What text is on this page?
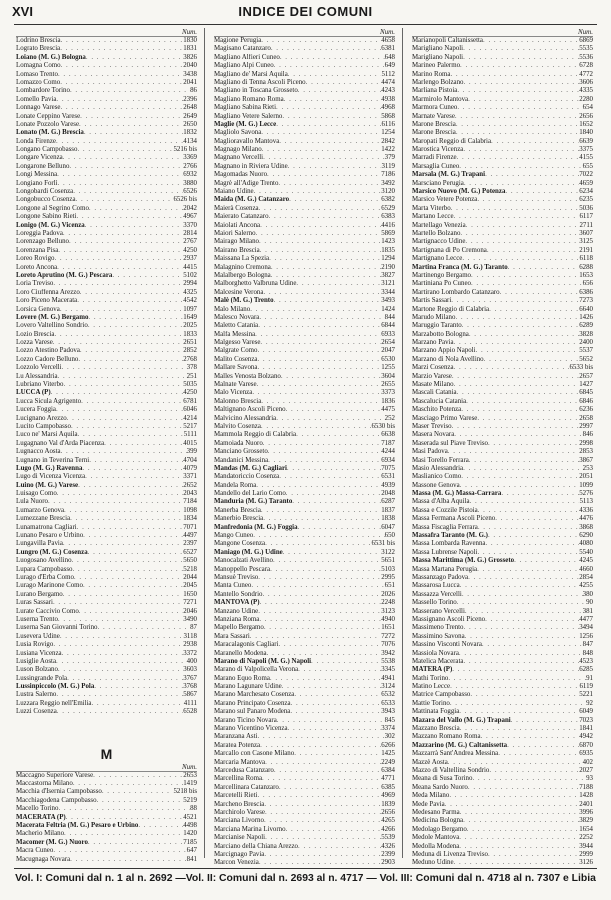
XVI	INDICE DEI COMUNI
Num.
Lodrino Brescia . . .	1830
Lograto Brescia . . .	1831
Loiano (M. G.) Bologna . . .	3826
Lomagna Como . . .	2040
Lomaso Trento . . .	3438
Lomazzo Como . . .	2041
Lombardore Torino . . .	86
Lomello Pavia . . .	2396
Lonnago Varese . . .	2648
Lonate Ceppino Varese . . .	2649
Lonate Pozzolo Varese . . .	2650
Lonato (M. G.) Brescia . . .	1832
Londa Firenze . . .	4134
Longano Campobasso . . .	5216 bis
Longare Vicenza . . .	3369
Longarone Belluno . . .	2766
Longi Messina . . .	6932
Longiano Forlì . . .	3880
Longobardi Cosenza . . .	6526
Longobucco Cosenza . . .	6526 bis
Longone al Segrino Como . . .	2042
Longone Sabino Rieti . . .	4967
Lonigo (M. G.) Vicenza . . .	3370
Loreggia Padova . . .	2814
Lorenzago Belluno . . .	2767
Lorenzana Pisa . . .	4250
Loreo Rovigo . . .	2937
Loreto Ancona . . .	4415
Loreto Aprutino (M. G.) Pescara . . .	5102
Loria Treviso . . .	2994
Loro Ciuffenna Arezzo . . .	4325
Loro Piceno Macerata . . .	4542
Lorsica Genova . . .	1097
Lovere (M. G.) Bergamo . . .	1649
Lovero Valtellino Sondrio . . .	2025
Lozio Brescia . . .	1833
Lozza Varese . . .	2651
Lozzo Atestino Padova . . .	2852
Lozzo Cadore Belluno . . .	2768
Lozzolo Vercelli . . .	378
Lu Alessandria . . .	251
Lubriano Viterbo . . .	5035
LUCCA (P) . . .	4250
Lucca Sicula Agrigento . . .	6781
Lucera Foggia . . .	6046
Lucignano Arezzo . . .	4214
Lucito Campobasso . . .	5217
Luco ne' Marsi Aquila . . .	5111
Lugagnano Val d'Arda Piacenza . . .	4015
Lugnacco Aosta . . .	399
Lugnano in Teverina Terni . . .	4704
Lugo (M. G.) Ravenna . . .	4079
Lugo di Vicenza Vicenza . . .	3371
Luino (M. G.) Varese . . .	2652
Luisago Como . . .	2043
Lula Nuoro . . .	7184
Lumarzo Genova . . .	1098
Lumezzane Brescia . . .	1834
Lunamatrona Cagliari . . .	7071
Lunano Pesaro e Urbino . . .	4497
Lungavilla Pavia . . .	2397
Lungro (M. G.) Cosenza . . .	6527
Luogosano Avellino . . .	5650
Lupara Campobasso . . .	5218
Lurago d'Erba Como . . .	2044
Lurago Marinone Como . . .	2045
Lurano Bergamo . . .	1650
Luras Sassari . . .	7271
Lurate Caccivio Como . . .	2046
Luserna Trento . . .	3490
Luserna San Giovanni Torino . . .	87
Lusevera Udine . . .	3118
Lusia Rovigo . . .	2938
Lusiana Vicenza . . .	3372
Lusiglie Aosta . . .	400
Luson Bolzano . . .	3603
Lussingrande Pola . . .	3767
Lussinpiccolo (M. G.) Pola . . .	3768
Lustra Salerno . . .	5867
Luzzara Reggio nell'Emilia . . .	4111
Luzzi Cosenza . . .	6528
M
Num.
Maccagno Superiore Varese . . .	2653
Maccastorna Milano . . .	1419
Macchia d'Isernia Campobasso . . .	5218 bis
Macchiagodena Campobasso . . .	5219
Macello Torino . . .	88
MACERATA (P) . . .	4521
Macerata Feltria (M. G.) Pesaro e Urbino . . .	4498
Macherio Milano . . .	1420
Macomer (M. G.) Nuoro . . .	7185
Macra Cuneo . . .	647
Macugnaga Novara . . .	841
. . .
Num.
Magione Perugia . . .	4658
Magisano Catanzaro . . .	6381
Magliano Alfieri Cuneo . . .	648
Magliano Alpi Cuneo . . .	649
Magliano de' Marsi Aquila . . .	5112
Magliano di Tenna Ascoli Piceno . . .	4474
Magliano in Toscana Grosseto . . .	4243
Magliano Romano Roma . . .	4938
Magliano Sabina Rieti . . .	4968
Magliano Vetere Salerno . . .	5868
Maglie (M. G.) Lecce . . .	6116
Magliolo Savona . . .	1254
Maglioravallo Mantova . . .	2842
Magnago Milano . . .	1422
Magnano Vercelli . . .	379
Magnano in Riviera Udine . . .	3119
Magomadas Nuoro . . .	7186
Magrè all'Adige Trento . . .	3492
Maiano Udine . . .	3120
Maida (M. G.) Catanzaro . . .	6382
Maierà Cosenza . . .	6529
Maierato Catanzaro . . .	6383
Maiolati Ancona . . .	4416
Maiori Salerno . . .	5869
Mairago Milano . . .	1423
Mairano Brescia . . .	1835
Maissana La Spezia . . .	1294
Malagnino Cremona . . .	2190
Malalbergo Bologna . . .	3827
Malborghetto Valbruna Udine . . .	3121
Malcesine Verona . . .	3344
Malè (M. G.) Trento . . .	3493
Malo Milano . . .	1424
Malesco Novara . . .	844
Maletto Catania . . .	6844
Malfa Messina . . .	6933
Malgesso Varese . . .	2654
Malgrate Como . . .	2047
Malito Cosenza . . .	6530
Mallare Savona . . .	1255
Malles Venosta Bolzano . . .	3604
Malnate Varese . . .	2655
Malo Vicenza . . .	3373
Malonno Brescia . . .	1836
Maltignano Ascoli Piceno . . .	4475
Malvicino Alessandria . . .	252
Malvito Cosenza . . .	6530 bis
Mammola Reggio di Calabria . . .	6638
Mamoiada Nuoro . . .	7187
Manciano Grosseto . . .	4244
Mandanici Messina . . .	6934
Mandas (M. G.) Cagliari . . .	7075
Mandatoriccio Cosenza . . .	6531
Mandela Roma . . .	4939
Mandello del Lario Como . . .	2048
Manduria (M. G.) Taranto . . .	6287
Manerba Brescia . . .	1837
Manerbio Brescia . . .	1838
Manfredonia (M. G.) Foggia . . .	6047
Mango Cuneo . . .	650
Mangone Cosenza . . .	6531 bis
Maniago (M. G.) Udine . . .	3122
Manocalzati Avellino . . .	5651
Manoppello Pescara . . .	5103
Mansuè Treviso . . .	2995
Manta Cuneo . . .	651
Mantello Sondrio . . .	2026
MANTOVA (P) . . .	2248
Manzano Udine . . .	3123
Manziana Roma . . .	4940
Mapello Bergamo . . .	1651
Mara Sassari . . .	7272
Maracalagonis Cagliari . . .	7076
Maranello Modena . . .	3942
Marano di Napoli (M. G.) Napoli . . .	5538
Marano di Valpolicella Verona . . .	3345
Marano Equo Roma . . .	4941
Marano Lagunare Udine . . .	3124
Marano Marchesato Cosenza . . .	6532
Marano Principato Cosenza . . .	6533
Marano sul Panaro Modena . . .	3943
Marano Ticino Novara . . .	845
Marano Vicentino Vicenza . . .	3374
Maranzana Asti . . .	302
Maratea Potenza . . .	6266
Marcallo con Casone Milano . . .	1425
Marcaria Mantova . . .	2249
Marcedusa Catanzaro . . .	6384
Marcellina Roma . . .	4771
Marcellinara Catanzaro . . .	6385
Marcetelli Rieti . . .	4969
Marcheno Brescia . . .	1839
Marchirolo Varese . . .	2656
Marciana Livorno . . .	4265
Marciana Marina Livorno . . .	4266
Marcianise Napoli . . .	5539
Marciano della Chiana Arezzo . . .	4326
Marcignago Pavia . . .	2399
Marcon Venezia . . .	2903
Num.
Marianopoli Caltanissetta . . .	6869
Marigliano Napoli . . .	5535
Marigliano Napoli . . .	5536
Marineo Palermo . . .	6728
Marino Roma . . .	4772
Marlengo Bolzano . . .	3606
Marliana Pistoia . . .	4335
Marmirolo Mantova . . .	2280
Marmora Cuneo . . .	654
Marnate Varese . . .	2656
Marone Brescia . . .	1652
Marone Brescia . . .	1840
Maropati Reggio di Calabria . . .	6639
Marostica Vicenza . . .	3375
Marradi Firenze . . .	4155
Marsaglia Cuneo . . .	655
Marsala (M. G.) Trapani . . .	7022
Marsciano Perugia . . .	4659
Marsico Nuovo (M. G.) Potenza . . .	6234
Marsico Vetere Potenza . . .	6235
Marta Viterbo . . .	5036
Martano Lecce . . .	6117
Martellago Venezia . . .	2711
Martello Bolzano . . .	3607
Martignacco Udine . . .	3125
Martignana di Po Cremona . . .	2191
Martignano Lecce . . .	6118
Martina Franca (M. G.) Taranto . . .	6288
Martinengo Bergamo . . .	1653
Martiniana Po Cuneo . . .	656
Martirano Lombardo Catanzaro . . .	6386
Martis Sassari . . .	7273
Martone Reggio di Calabria . . .	6640
Marudo Milano . . .	1426
Maruggio Taranto . . .	6289
Marzabotto Bologna . . .	3828
Marzano Pavia . . .	2400
Marzano Appio Napoli . . .	5537
Marzano di Nola Avellino . . .	5652
Marzi Cosenza . . .	6533 bis
Marzio Varese . . .	2657
Masate Milano . . .	1427
Mascali Catania . . .	6845
Mascalucia Catania . . .	6846
Maschito Potenza . . .	6236
Masciago Primo Varese . . .	2658
Maser Treviso . . .	2997
Masera Novara . . .	846
Maserada sul Piave Treviso . . .	2998
Masi Padova . . .	2853
Masi Torello Ferrara . . .	3867
Masio Alessandria . . .	253
Maslianico Como . . .	2051
Massone Genova . . .	1099
Massa (M. G.) Massa-Carrara . . .	5276
Massa d'Alba Aquila . . .	5113
Massa e Cozzile Pistoia . . .	4336
Massa Fermana Ascoli Piceno . . .	4476
Massa Fiscaglia Ferrara . . .	3868
Massafra Taranto (M. G.) . . .	6290
Massa Lombarda Ravenna . . .	4080
Massa Lubrense Napoli . . .	5540
Massa Marittima (M. G.) Grosseto . . .	4245
Massa Martana Perugia . . .	4660
Massanzago Padova . . .	2854
Massarosa Lucca . . .	4255
Massazza Vercelli . . .	380
Massello Torino . . .	90
Masserano Vercelli . . .	381
Massignano Ascoli Piceno . . .	4477
Massimeno Trento . . .	3494
Massimino Savona . . .	1256
Massino Visconti Novara . . .	847
Massiola Novara . . .	848
Matelica Macerata . . .	4523
MATERA (P) . . .	6285
Mathi Torino . . .	91
Matino Lecce . . .	6119
Matrice Campobasso . . .	5221
Mattie Torino . . .	92
Mattinata Foggia . . .	6049
Mazara del Vallo (M. G.) Trapani . . .	7023
Mazzano Brescia . . .	1841
Mazzano Romano Roma . . .	4942
Mazzarino (M. G.) Caltanissetta . . .	6870
Mazzarrà Sant'Andrea Messina . . .	6935
Mazzè Aosta . . .	402
Mazzo di Valtellina Sondrio . . .	2027
Meana di Susa Torino . . .	93
Meana Sardo Nuoro . . .	7188
Meda Milano . . .	1428
Mede Pavia . . .	2401
Medesano Parma . . .	3996
Medicina Bologna . . .	3829
Medolago Bergamo . . .	1654
Medole Mantova . . .	2252
Medolla Modena . . .	3944
Meduna di Livenza Treviso . . .	2999
Meduno Udine . . .	3126
Vol. I: Comuni dal n. 1 al n. 2692 —Vol. II: Comuni dal n. 2693 al n. 4717 — Vol. III: Comuni dal n. 4718 al n. 7307 e Libia
